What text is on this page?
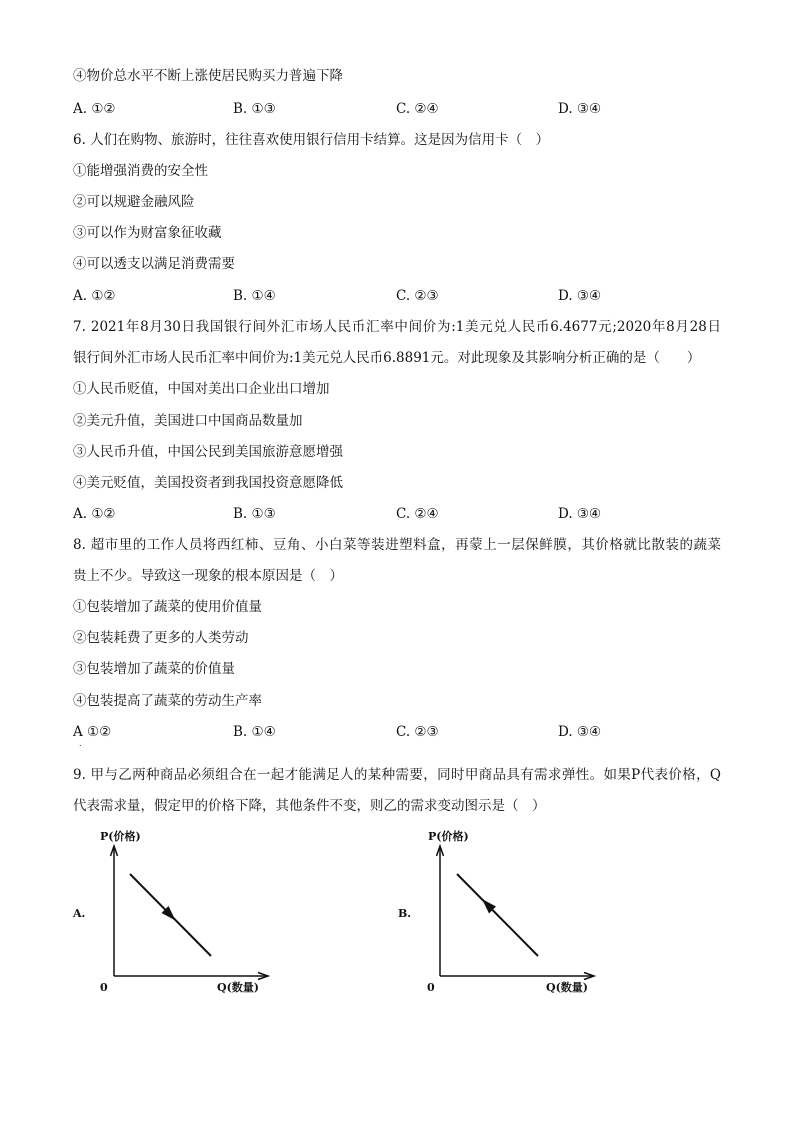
④物价总水平不断上涨使居民购买力普遍下降
A. ①②	B. ①③	C. ②④	D. ③④
6. 人们在购物、旅游时，往往喜欢使用银行信用卡结算。这是因为信用卡（　）
①能增强消费的安全性
②可以规避金融风险
③可以作为财富象征收藏
④可以透支以满足消费需要
A. ①②	B. ①④	C. ②③	D. ③④
7. 2021年8月30日我国银行间外汇市场人民币汇率中间价为:1美元兑人民币6.4677元;2020年8月28日
银行间外汇市场人民币汇率中间价为:1美元兑人民币6.8891元。对此现象及其影响分析正确的是（　　）
①人民币贬值，中国对美出口企业出口增加
②美元升值，美国进口中国商品数量加
③人民币升值，中国公民到美国旅游意愿增强
④美元贬值，美国投资者到我国投资意愿降低
A. ①②	B. ①③	C. ②④	D. ③④
8. 超市里的工作人员将西红柿、豆角、小白菜等装进塑料盒，再蒙上一层保鲜膜，其价格就比散装的蔬菜
贵上不少。导致这一现象的根本原因是（　）
①包装增加了蔬菜的使用价值量
②包装耗费了更多的人类劳动
③包装增加了蔬菜的价值量
④包装提高了蔬菜的劳动生产率
A ①②	B. ①④	C. ②③	D. ③④
.
9. 甲与乙两种商品必须组合在一起才能满足人的某种需要，同时甲商品具有需求弹性。如果P代表价格，Q
代表需求量，假定甲的价格下降，其他条件不变，则乙的需求变动图示是（　）
P(价格)
A.
0	Q(数量)
P(价格)
B.
0	Q(数量)
